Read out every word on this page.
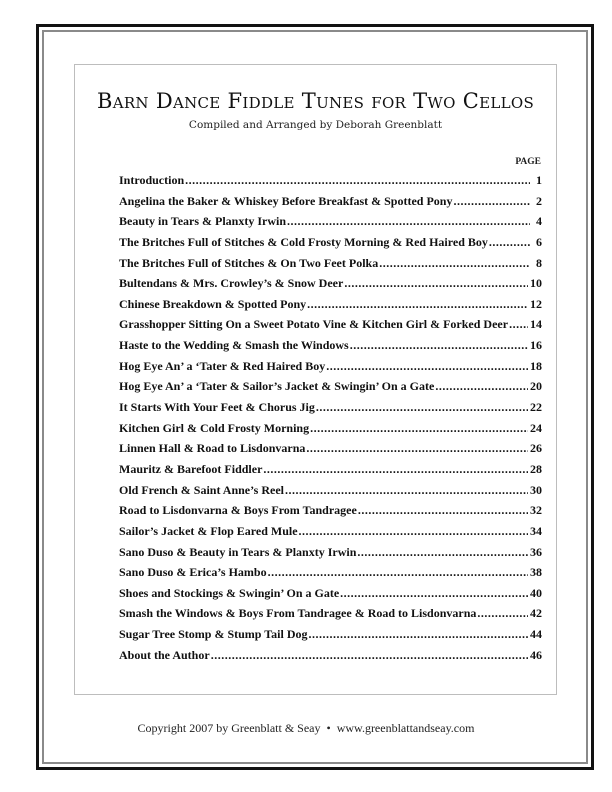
Barn Dance Fiddle Tunes for Two Cellos
Compiled and Arranged by Deborah Greenblatt
PAGE
Introduction .....	1
Angelina the Baker & Whiskey Before Breakfast & Spotted Pony .....	2
Beauty in Tears & Planxty Irwin .....	4
The Britches Full of Stitches & Cold Frosty Morning & Red Haired Boy .....	6
The Britches Full of Stitches & On Two Feet Polka .....	8
Bultendans & Mrs. Crowley’s & Snow Deer .....	10
Chinese Breakdown & Spotted Pony .....	12
Grasshopper Sitting On a Sweet Potato Vine & Kitchen Girl & Forked Deer ..... 14
Haste to the Wedding & Smash the Windows .....	16
Hog Eye An’ a ‘Tater & Red Haired Boy .....	18
Hog Eye An’ a ‘Tater & Sailor’s Jacket & Swingin’ On a Gate .....	20
It Starts With Your Feet & Chorus Jig .....	22
Kitchen Girl & Cold Frosty Morning .....	24
Linnen Hall & Road to Lisdonvarna .....	26
Mauritz & Barefoot Fiddler .....	28
Old French & Saint Anne’s Reel .....	30
Road to Lisdonvarna & Boys From Tandragee .....	32
Sailor’s Jacket & Flop Eared Mule .....	34
Sano Duso & Beauty in Tears & Planxty Irwin .....	36
Sano Duso & Erica’s Hambo .....	38
Shoes and Stockings & Swingin’ On a Gate .....	40
Smash the Windows & Boys From Tandragee & Road to Lisdonvarna .....	42
Sugar Tree Stomp & Stump Tail Dog .....	44
About the Author .....	46
Copyright 2007 by Greenblatt & Seay • www.greenblattandseay.com
